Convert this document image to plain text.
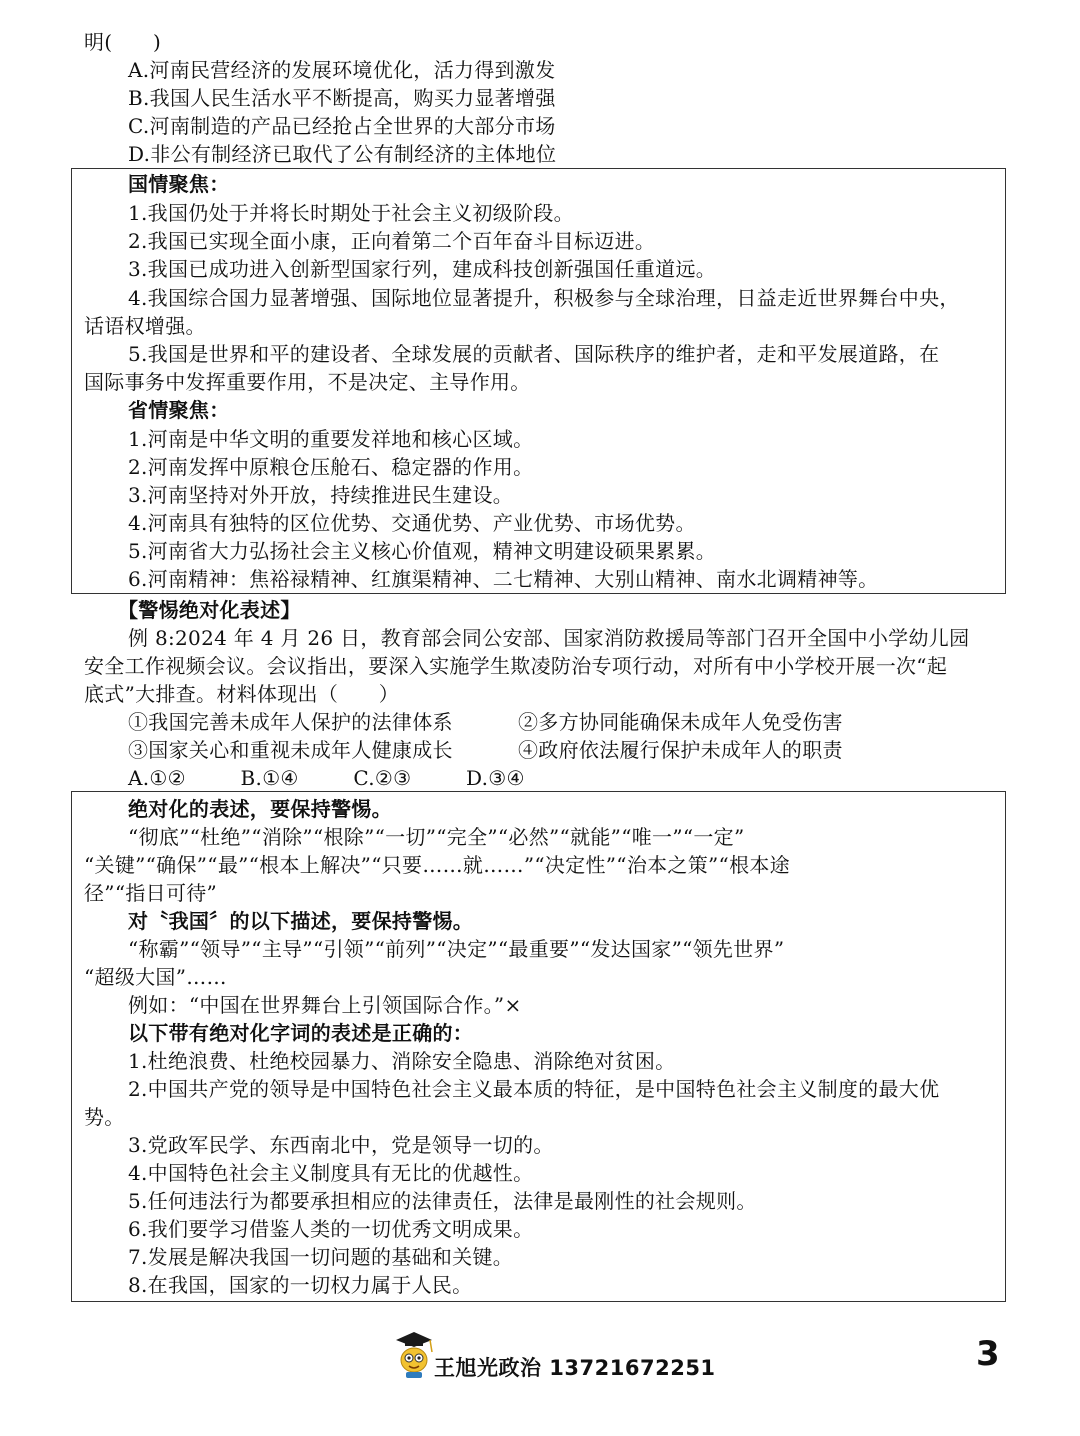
明(　　)
A.河南民营经济的发展环境优化，活力得到激发
B.我国人民生活水平不断提高，购买力显著增强
C.河南制造的产品已经抢占全世界的大部分市场
D.非公有制经济已取代了公有制经济的主体地位
国情聚焦：
1.我国仍处于并将长时期处于社会主义初级阶段。
2.我国已实现全面小康，正向着第二个百年奋斗目标迈进。
3.我国已成功进入创新型国家行列，建成科技创新强国任重道远。
4.我国综合国力显著增强、国际地位显著提升，积极参与全球治理，日益走近世界舞台中央，
话语权增强。
5.我国是世界和平的建设者、全球发展的贡献者、国际秩序的维护者，走和平发展道路，在
国际事务中发挥重要作用，不是决定、主导作用。
省情聚焦：
1.河南是中华文明的重要发祥地和核心区域。
2.河南发挥中原粮仓压舱石、稳定器的作用。
3.河南坚持对外开放，持续推进民生建设。
4.河南具有独特的区位优势、交通优势、产业优势、市场优势。
5.河南省大力弘扬社会主义核心价值观，精神文明建设硕果累累。
6.河南精神：焦裕禄精神、红旗渠精神、二七精神、大别山精神、南水北调精神等。
【警惕绝对化表述】
例 8:2024 年 4 月 26 日，教育部会同公安部、国家消防救援局等部门召开全国中小学幼儿园
安全工作视频会议。会议指出，要深入实施学生欺凌防治专项行动，对所有中小学校开展一次“起
底式”大排查。材料体现出（　　）
①我国完善未成年人保护的法律体系	②多方协同能确保未成年人免受伤害
③国家关心和重视未成年人健康成长	④政府依法履行保护未成年人的职责
A.①②	B.①④	C.②③	D.③④
绝对化的表述，要保持警惕。
“彻底”“杜绝”“消除”“根除”“一切”“完全”“必然”“就能”“唯一”“一定”
“关键”“确保”“最”“根本上解决”“只要……就……”“决定性”“治本之策”“根本途
径”“指日可待”
对〝我国〞的以下描述，要保持警惕。
“称霸”“领导”“主导”“引领”“前列”“决定”“最重要”“发达国家”“领先世界”
“超级大国”……
例如：“中国在世界舞台上引领国际合作。”×
以下带有绝对化字词的表述是正确的：
1.杜绝浪费、杜绝校园暴力、消除安全隐患、消除绝对贫困。
2.中国共产党的领导是中国特色社会主义最本质的特征，是中国特色社会主义制度的最大优
势。
3.党政军民学、东西南北中，党是领导一切的。
4.中国特色社会主义制度具有无比的优越性。
5.任何违法行为都要承担相应的法律责任，法律是最刚性的社会规则。
6.我们要学习借鉴人类的一切优秀文明成果。
7.发展是解决我国一切问题的基础和关键。
8.在我国，国家的一切权力属于人民。
王旭光政治 13721672251	3
